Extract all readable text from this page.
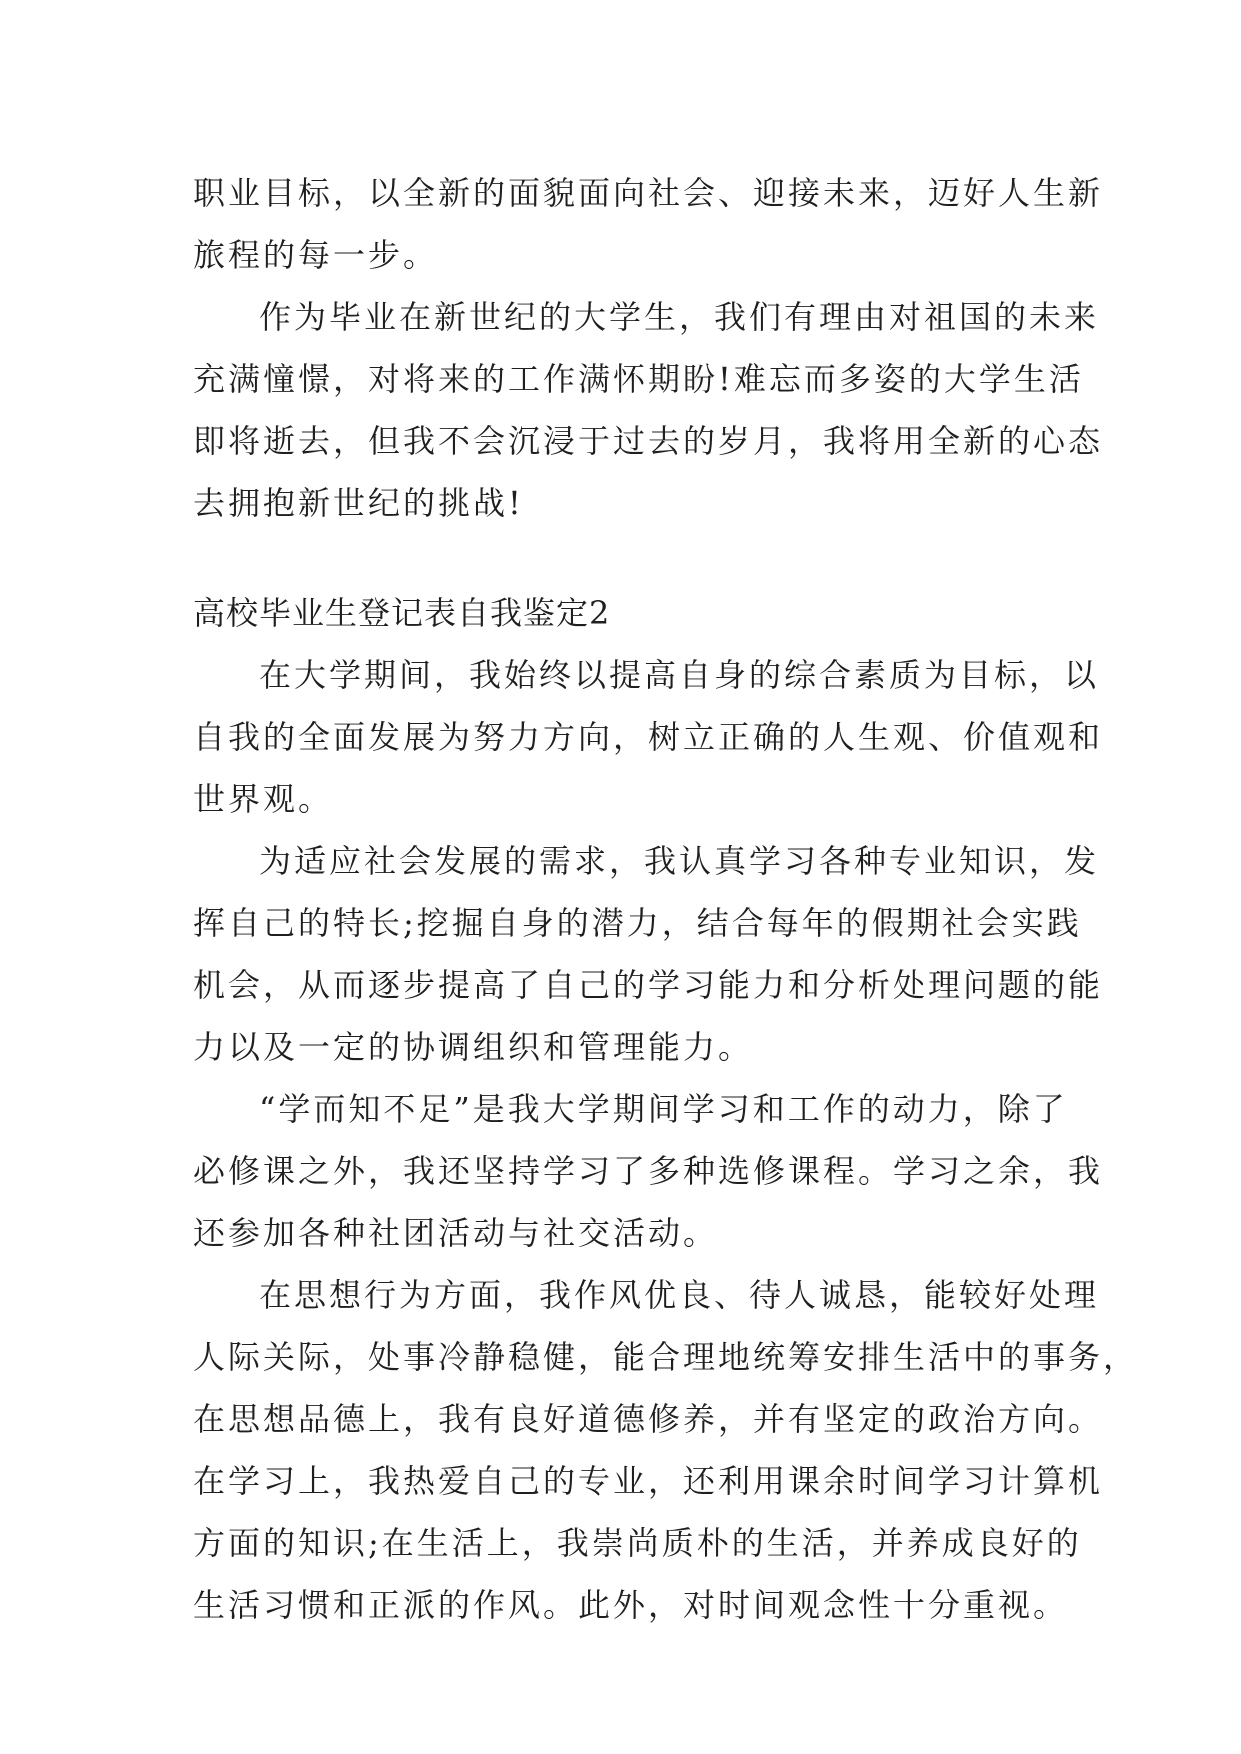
职业目标，以全新的面貌面向社会、迎接未来，迈好人生新
旅程的每一步。
作为毕业在新世纪的大学生，我们有理由对祖国的未来
充满憧憬，对将来的工作满怀期盼!难忘而多姿的大学生活
即将逝去，但我不会沉浸于过去的岁月，我将用全新的心态
去拥抱新世纪的挑战!
高校毕业生登记表自我鉴定2
在大学期间，我始终以提高自身的综合素质为目标，以
自我的全面发展为努力方向，树立正确的人生观、价值观和
世界观。
为适应社会发展的需求，我认真学习各种专业知识，发
挥自己的特长;挖掘自身的潜力，结合每年的假期社会实践
机会，从而逐步提高了自己的学习能力和分析处理问题的能
力以及一定的协调组织和管理能力。
“学而知不足”是我大学期间学习和工作的动力，除了
必修课之外，我还坚持学习了多种选修课程。学习之余，我
还参加各种社团活动与社交活动。
在思想行为方面，我作风优良、待人诚恳，能较好处理
人际关际，处事冷静稳健，能合理地统筹安排生活中的事务，
在思想品德上，我有良好道德修养，并有坚定的政治方向。
在学习上，我热爱自己的专业，还利用课余时间学习计算机
方面的知识;在生活上，我崇尚质朴的生活，并养成良好的
生活习惯和正派的作风。此外，对时间观念性十分重视。
